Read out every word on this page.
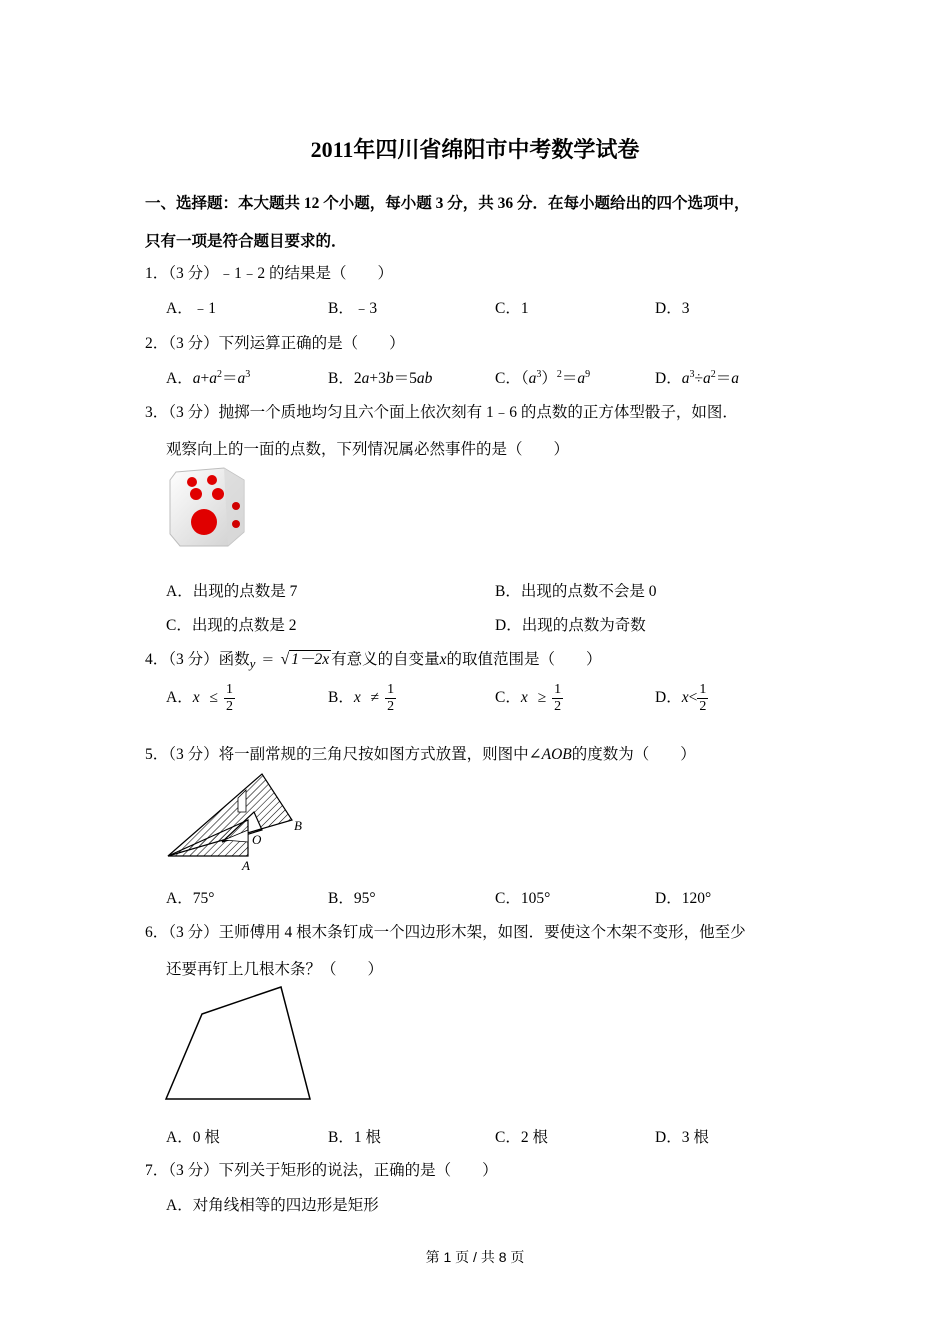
2011年四川省绵阳市中考数学试卷
一、选择题：本大题共 12 个小题，每小题 3 分，共 36 分．在每小题给出的四个选项中，
只有一项是符合题目要求的．
1．（3 分）﹣1﹣2 的结果是（　　）
A．﹣1	B．﹣3	C．1	D．3
2．（3 分）下列运算正确的是（　　）
A．$a+a^2=a^3$	B．2a+3b＝5ab	C．$(a^3)^2=a^9$	D．$a^3\div a^2=a$
3．（3 分）抛掷一个质地均匀且六个面上依次刻有 1﹣6 的点数的正方体型骰子，如图．
观察向上的一面的点数，下列情况属必然事件的是（　　）
A．出现的点数是 7	B．出现的点数不会是 0
C．出现的点数是 2	D．出现的点数为奇数
4．（3 分）函数$_y$ ＝ √ 1－2x 有意义的自变量x的取值范围是（　　）
A．$x \le \frac{1}{2}$	B．$x \ne \frac{1}{2}$	C．$x \ge \frac{1}{2}$	D．$x< \frac{1}{2}$
5．（3 分）将一副常规的三角尺按如图方式放置，则图中∠AOB的度数为（　　）
O
B
A
A．75°	B．95°	C．105°	D．120°
6．（3 分）王师傅用 4 根木条钉成一个四边形木架，如图．要使这个木架不变形，他至少
还要再钉上几根木条？（　　）
A．0 根	B．1 根	C．2 根	D．3 根
7．（3 分）下列关于矩形的说法，正确的是（　　）
A．对角线相等的四边形是矩形
第 1 页 / 共 8 页
